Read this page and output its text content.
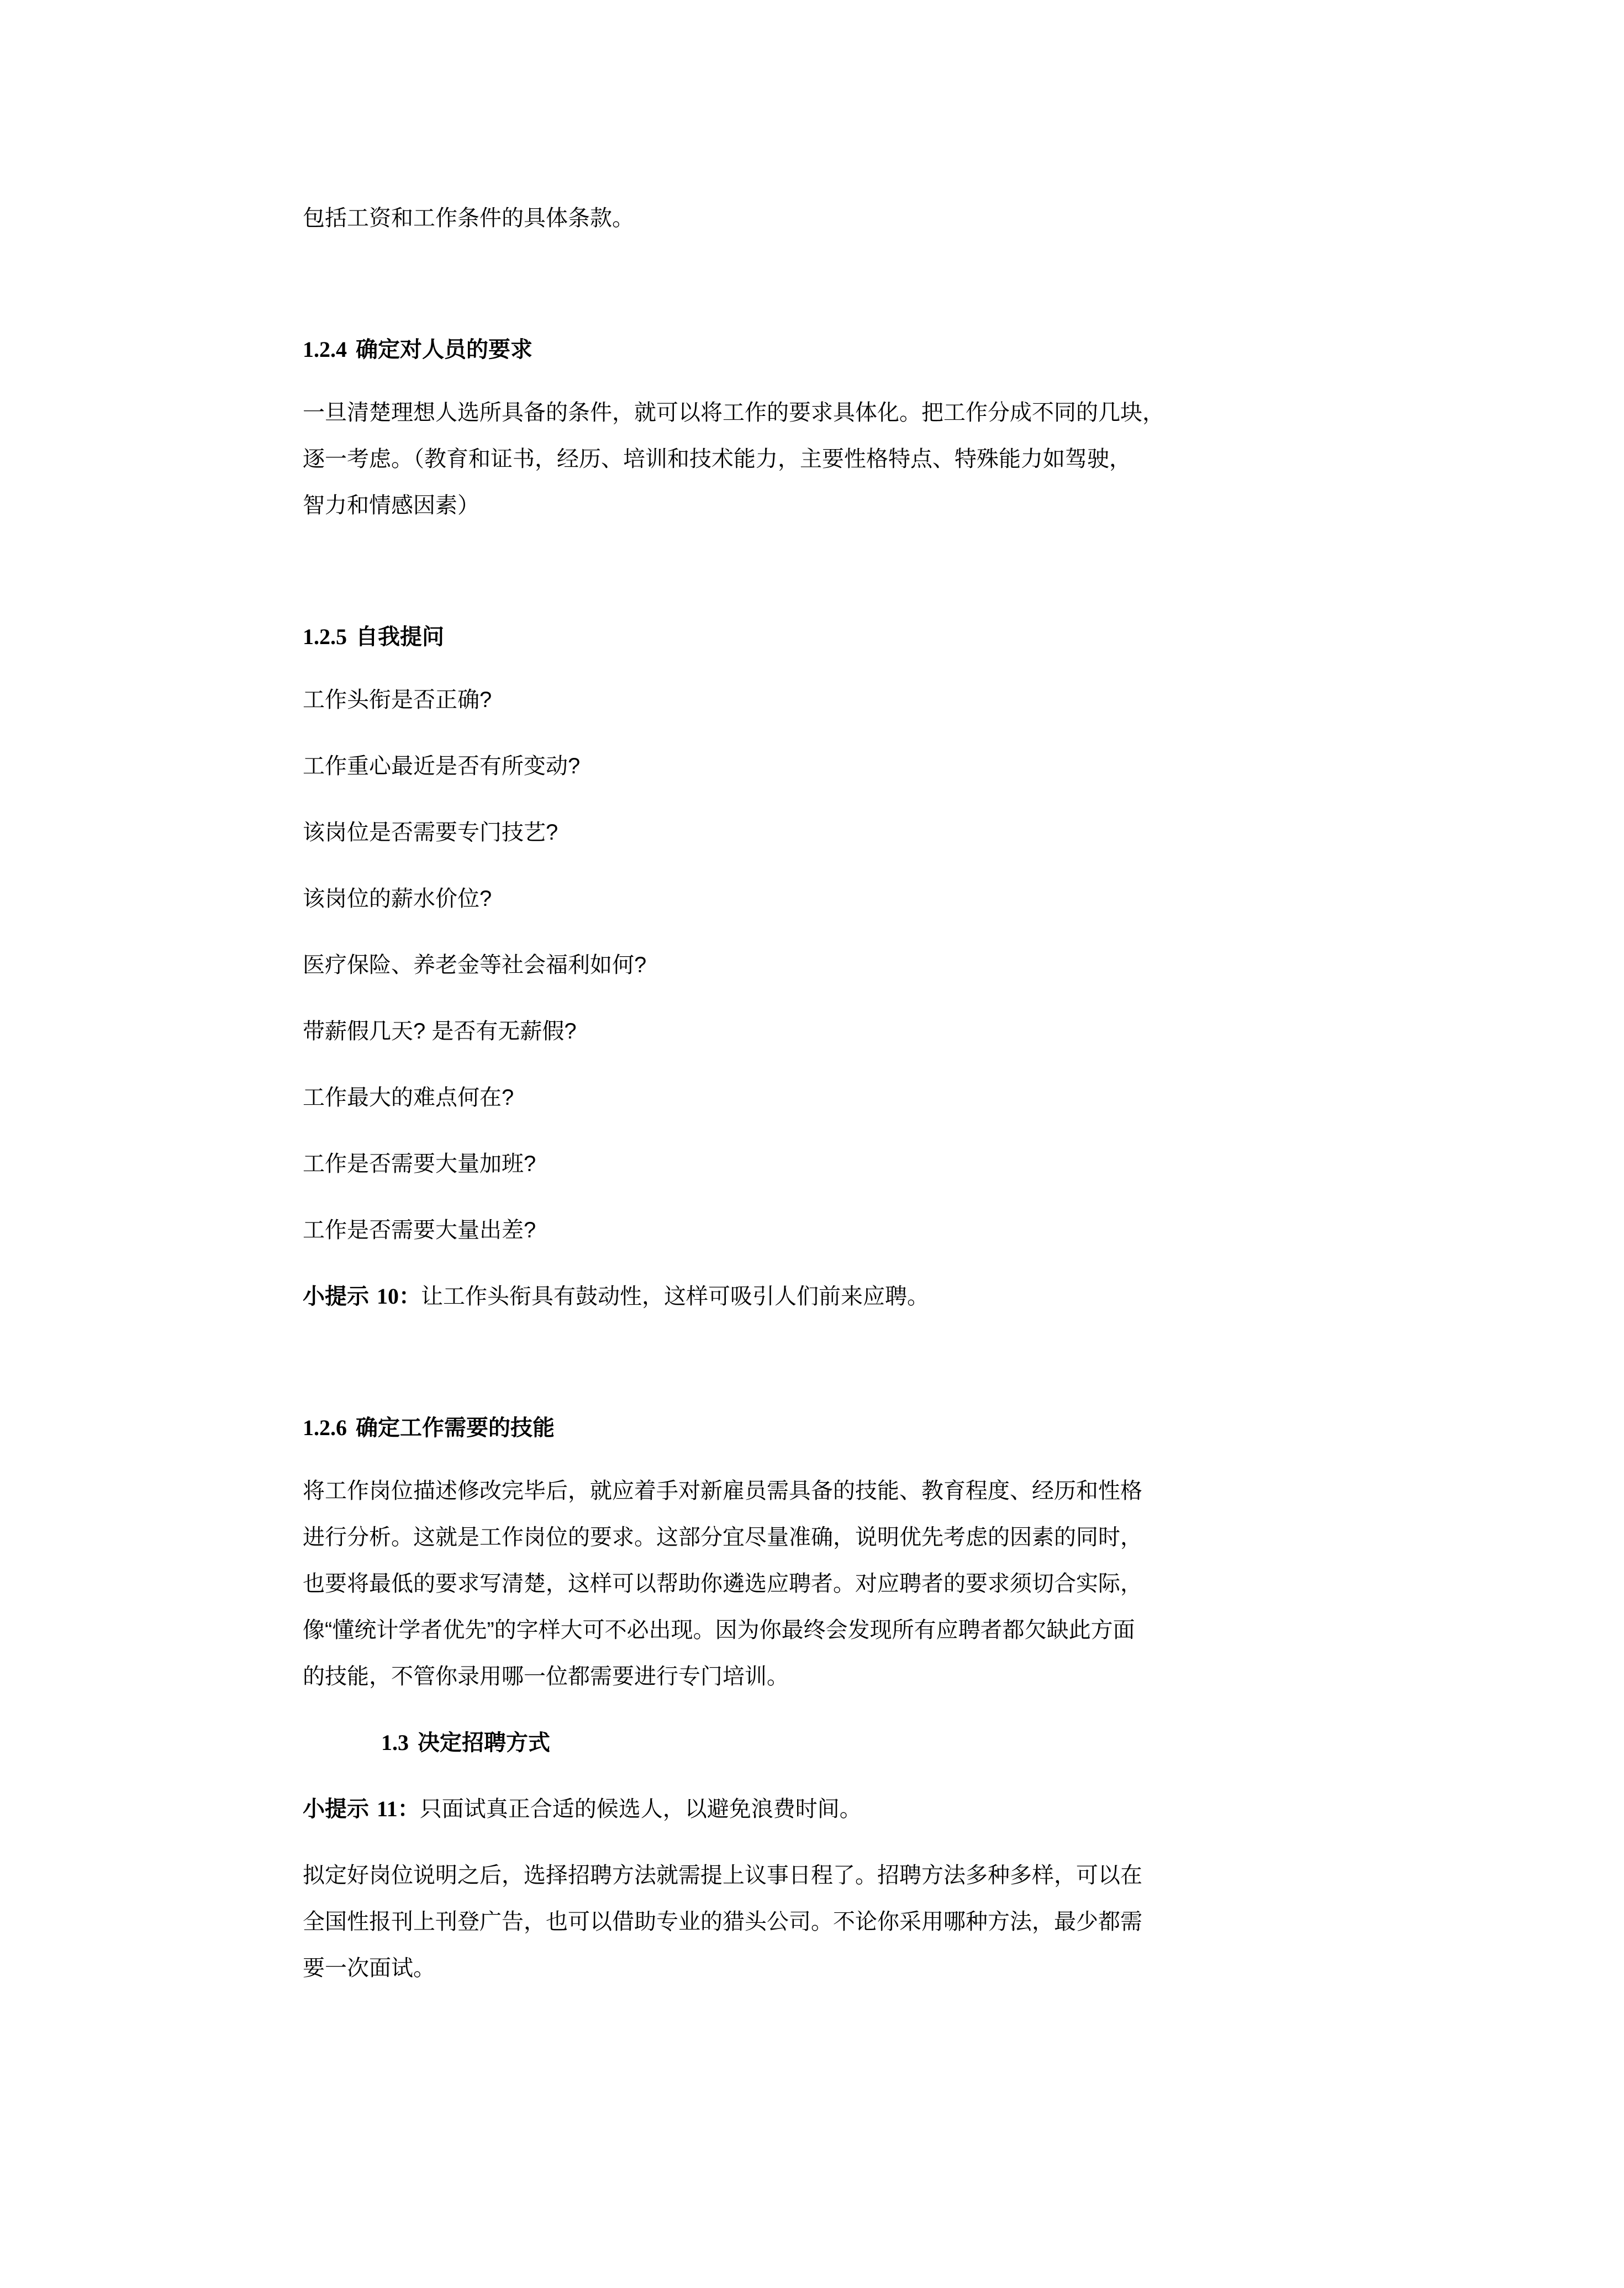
包括工资和工作条件的具体条款。
1.2.4 确定对人员的要求
一旦清楚理想人选所具备的条件，就可以将工作的要求具体化。把工作分成不同的几块，
逐一考虑。（教育和证书，经历、培训和技术能力，主要性格特点、特殊能力如驾驶，
智力和情感因素）
1.2.5 自我提问
工作头衔是否正确?
工作重心最近是否有所变动?
该岗位是否需要专门技艺?
该岗位的薪水价位?
医疗保险、养老金等社会福利如何?
带薪假几天? 是否有无薪假?
工作最大的难点何在?
工作是否需要大量加班?
工作是否需要大量出差?
小提示 10：让工作头衔具有鼓动性，这样可吸引人们前来应聘。
1.2.6 确定工作需要的技能
将工作岗位描述修改完毕后，就应着手对新雇员需具备的技能、教育程度、经历和性格
进行分析。这就是工作岗位的要求。这部分宜尽量准确，说明优先考虑的因素的同时，
也要将最低的要求写清楚，这样可以帮助你遴选应聘者。对应聘者的要求须切合实际，
像“懂统计学者优先”的字样大可不必出现。因为你最终会发现所有应聘者都欠缺此方面
的技能，不管你录用哪一位都需要进行专门培训。
1.3 决定招聘方式
小提示 11：只面试真正合适的候选人，以避免浪费时间。
拟定好岗位说明之后，选择招聘方法就需提上议事日程了。招聘方法多种多样，可以在
全国性报刊上刊登广告，也可以借助专业的猎头公司。不论你采用哪种方法，最少都需
要一次面试。
